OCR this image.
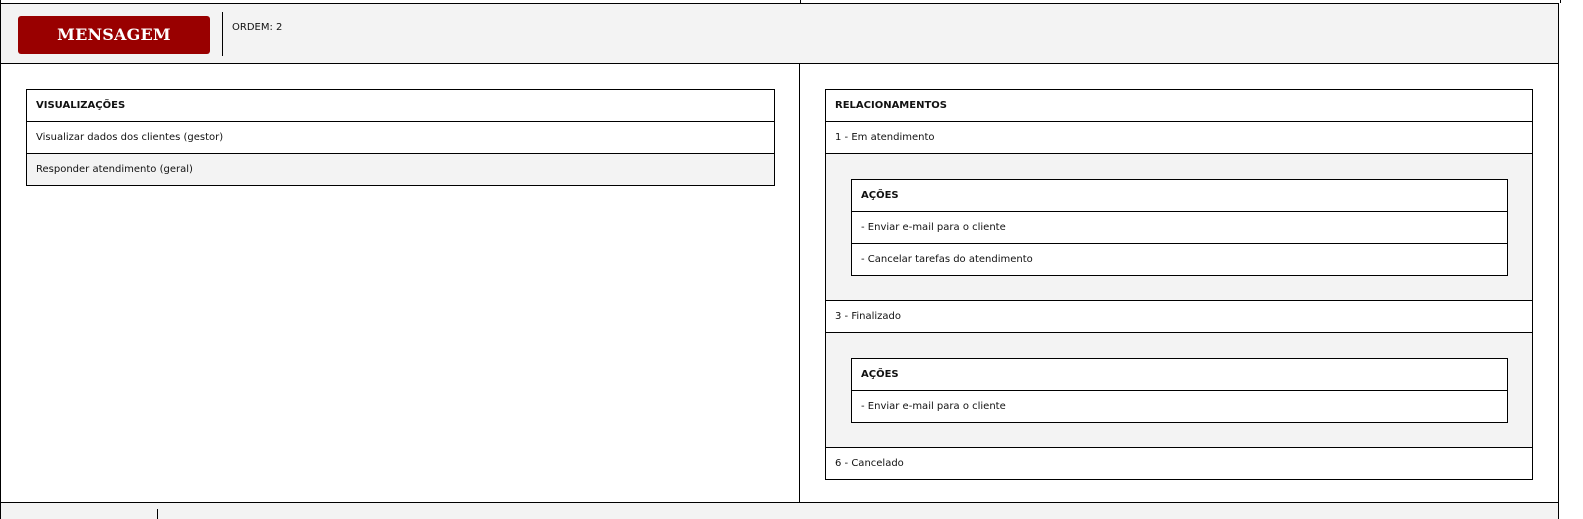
MENSAGEM CLIENTE
ORDEM: 2
VISUALIZAÇÕES
Visualizar dados dos clientes (gestor)
Responder atendimento (geral)
RELACIONAMENTOS
1 - Em atendimento
AÇÕES
- Enviar e-mail para o cliente
- Cancelar tarefas do atendimento
3 - Finalizado
AÇÕES
- Enviar e-mail para o cliente
6 - Cancelado
